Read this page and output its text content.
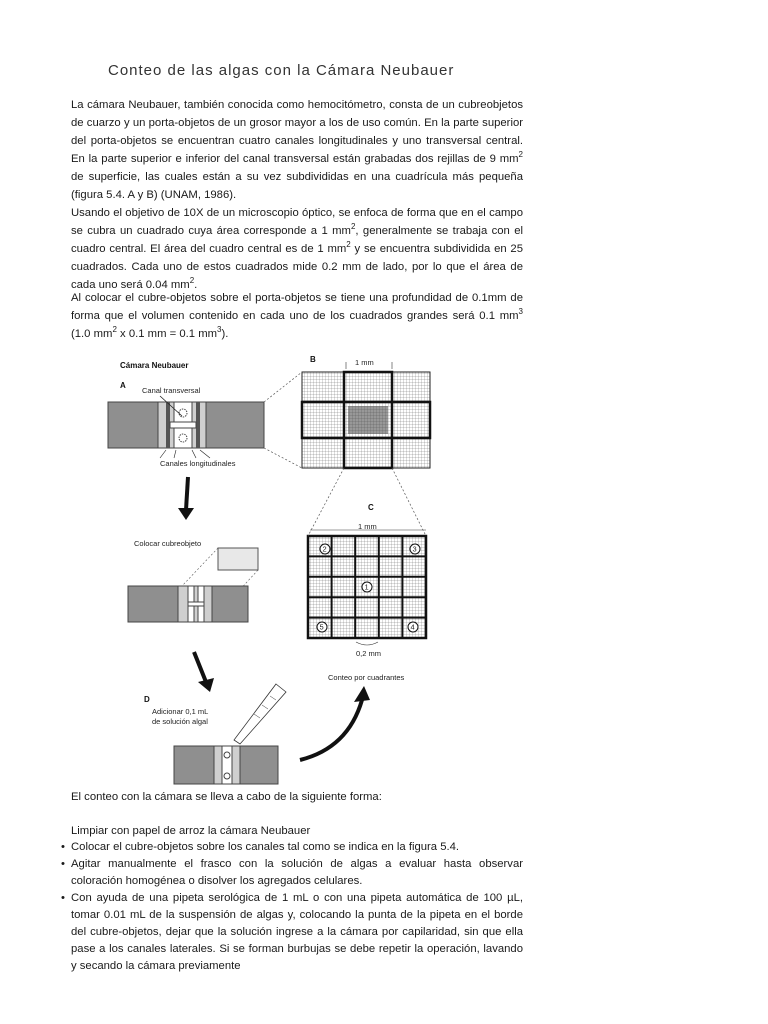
Conteo de las algas con la Cámara Neubauer

La cámara Neubauer, también conocida como hemocitómetro, consta de un cubreobjetos de cuarzo y un porta-objetos de un grosor mayor a los de uso común. En la parte superior del porta-objetos se encuentran cuatro canales longitudinales y uno transversal central. En la parte superior e inferior del canal transversal están grabadas dos rejillas de 9 $mm^2$ de superficie, las cuales están a su vez subdivididas en una cuadrícula más pequeña (figura 5.4. A y B) (UNAM, 1986).

Usando el objetivo de 10X de un microscopio óptico, se enfoca de forma que en el campo se cubra un cuadrado cuya área corresponde a 1 $mm^2$, generalmente se trabaja con el cuadro central. El área del cuadro central es de 1 $mm^2$ y se encuentra subdividida en 25 cuadrados. Cada uno de estos cuadrados mide 0.2 mm de lado, por lo que el área de cada uno será 0.04 $mm^2$.

Al colocar el cubre-objetos sobre el porta-objetos se tiene una profundidad de 0.1mm de forma que el volumen contenido en cada uno de los cuadrados grandes será 0.1 $mm^3$ (1.0 $mm^2$ x 0.1 mm = 0.1 $mm^3$).

Cámara Neubauer
A
Canal transversal
Canales longitudinales
B	1 mm
Colocar cubreobjeto
D
Adicionar 0,1 mL
de solución algal
C
1 mm
2	3
1
5	4
0,2 mm
Conteo por cuadrantes

El conteo con la cámara se lleva a cabo de la siguiente forma:

Limpiar con papel de arroz la cámara Neubauer

• Colocar el cubre-objetos sobre los canales tal como se indica en la figura 5.4.
• Agitar manualmente el frasco con la solución de algas a evaluar hasta observar coloración homogénea o disolver los agregados celulares.
• Con ayuda de una pipeta serológica de 1 mL o con una pipeta automática de 100 µL, tomar 0.01 mL de la suspensión de algas y, colocando la punta de la pipeta en el borde del cubre-objetos, dejar que la solución ingrese a la cámara por capilaridad, sin que ella pase a los canales laterales. Si se forman burbujas se debe repetir la operación, lavando y secando la cámara previamente
